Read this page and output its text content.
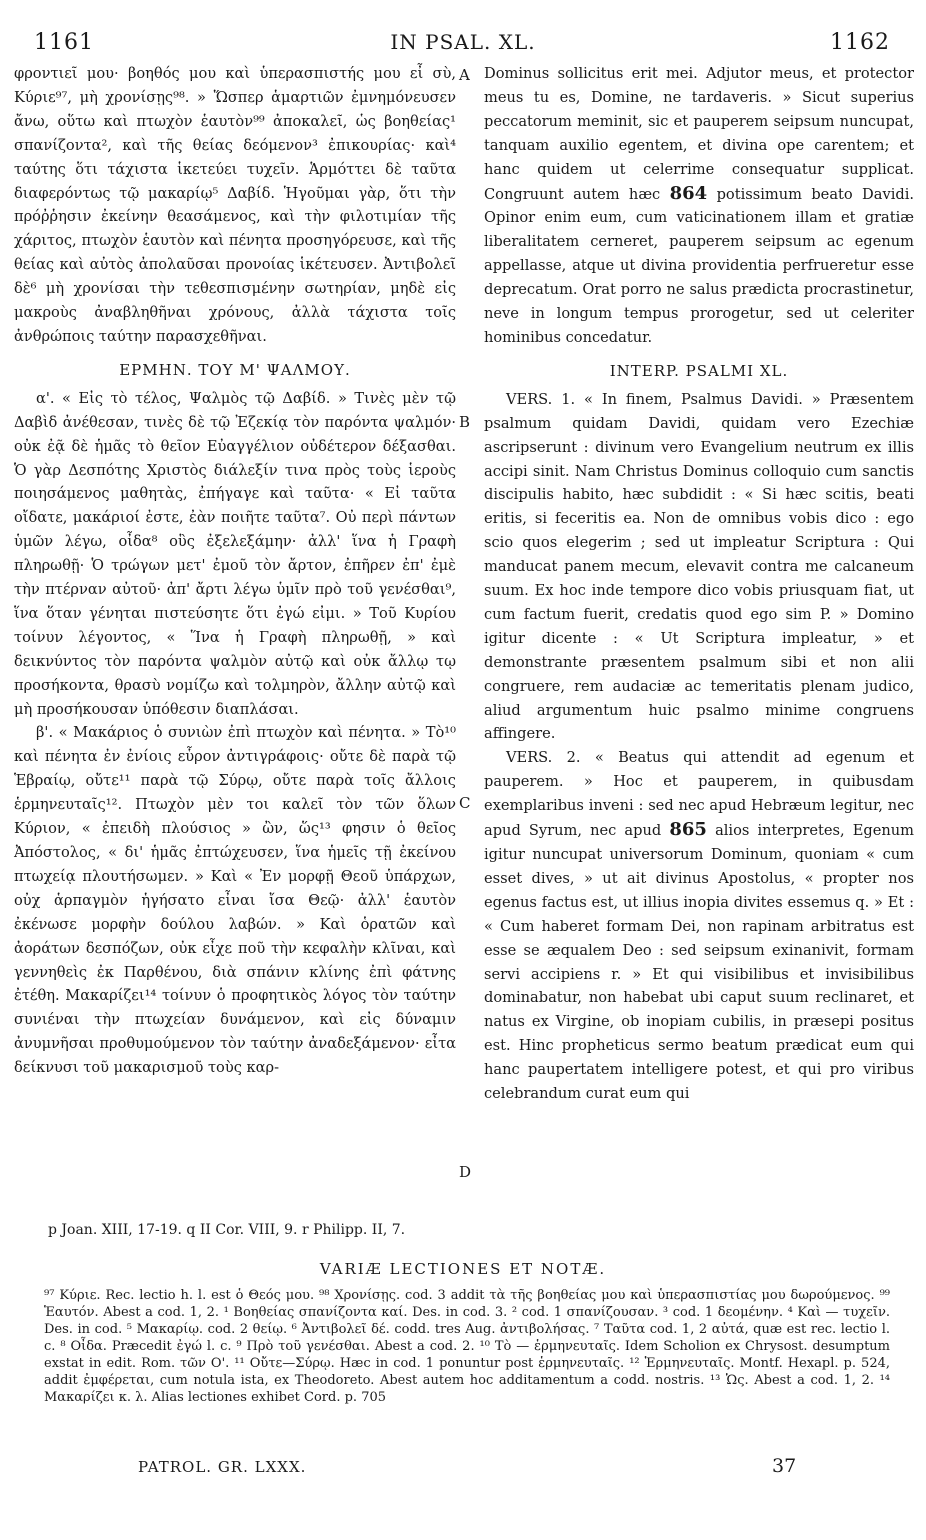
1161	IN PSAL. XL.	1162

φροντιεῖ μου· βοηθός μου καὶ ὑπερασπιστής μου εἶ σὺ, Κύριε⁹⁷, μὴ χρονίσῃς⁹⁸. » Ὥσπερ ἁμαρτιῶν ἐμνημόνευσεν ἄνω, οὕτω καὶ πτωχὸν ἑαυτὸν⁹⁹ ἀποκαλεῖ, ὡς βοηθείας¹ σπανίζοντα², καὶ τῆς θείας δεόμενον³ ἐπικουρίας· καὶ⁴ ταύτης ὅτι τάχιστα ἱκετεύει τυχεῖν. Ἁρμόττει δὲ ταῦτα διαφερόντως τῷ μακαρίῳ⁵ Δαβίδ. Ἡγοῦμαι γὰρ, ὅτι τὴν πρόῤῥησιν ἐκείνην θεασάμενος, καὶ τὴν φιλοτιμίαν τῆς χάριτος, πτωχὸν ἑαυτὸν καὶ πένητα προσηγόρευσε, καὶ τῆς θείας καὶ αὐτὸς ἀπολαῦσαι προνοίας ἱκέτευσεν. Ἀντιβολεῖ δὲ⁶ μὴ χρονίσαι τὴν τεθεσπισμένην σωτηρίαν, μηδὲ εἰς μακροὺς ἀναβληθῆναι χρόνους, ἀλλὰ τάχιστα τοῖς ἀνθρώποις ταύτην παρασχεθῆναι.

ΕΡΜΗΝ. ΤΟΥ Μ' ΨΑΛΜΟΥ.

α'. « Εἰς τὸ τέλος, Ψαλμὸς τῷ Δαβίδ. » Τινὲς μὲν τῷ Δαβὶδ ἀνέθεσαν, τινὲς δὲ τῷ Ἐζεκίᾳ τὸν παρόντα ψαλμόν· οὐκ ἐᾷ δὲ ἡμᾶς τὸ θεῖον Εὐαγγέλιον οὐδέτερον δέξασθαι. Ὁ γὰρ Δεσπότης Χριστὸς διάλεξίν τινα πρὸς τοὺς ἱεροὺς ποιησάμενος μαθητὰς, ἐπήγαγε καὶ ταῦτα· « Εἰ ταῦτα οἴδατε, μακάριοί ἐστε, ἐὰν ποιῆτε ταῦτα⁷. Οὐ περὶ πάντων ὑμῶν λέγω, οἶδα⁸ οὓς ἐξελεξάμην· ἀλλ' ἵνα ἡ Γραφὴ πληρωθῇ· Ὁ τρώγων μετ' ἐμοῦ τὸν ἄρτον, ἐπῆρεν ἐπ' ἐμὲ τὴν πτέρναν αὐτοῦ· ἀπ' ἄρτι λέγω ὑμῖν πρὸ τοῦ γενέσθαι⁹, ἵνα ὅταν γένηται πιστεύσητε ὅτι ἐγώ εἰμι. » Τοῦ Κυρίου τοίνυν λέγοντος, « Ἵνα ἡ Γραφὴ πληρωθῇ, » καὶ δεικνύντος τὸν παρόντα ψαλμὸν αὐτῷ καὶ οὐκ ἄλλῳ τῳ προσήκοντα, θρασὺ νομίζω καὶ τολμηρὸν, ἄλλην αὐτῷ καὶ μὴ προσήκουσαν ὑπόθεσιν διαπλάσαι.

β'. « Μακάριος ὁ συνιὼν ἐπὶ πτωχὸν καὶ πένητα. » Τὸ¹⁰ καὶ πένητα ἐν ἐνίοις εὗρον ἀντιγράφοις· οὔτε δὲ παρὰ τῷ Ἑβραίῳ, οὔτε¹¹ παρὰ τῷ Σύρῳ, οὔτε παρὰ τοῖς ἄλλοις ἑρμηνευταῖς¹². Πτωχὸν μὲν τοι καλεῖ τὸν τῶν ὅλων Κύριον, « ἐπειδὴ πλούσιος » ὢν, ὥς¹³ φησιν ὁ θεῖος Ἀπόστολος, « δι' ἡμᾶς ἐπτώχευσεν, ἵνα ἡμεῖς τῇ ἐκείνου πτωχείᾳ πλουτήσωμεν. » Καὶ « Ἐν μορφῇ Θεοῦ ὑπάρχων, οὐχ ἁρπαγμὸν ἡγήσατο εἶναι ἴσα Θεῷ· ἀλλ' ἑαυτὸν ἐκένωσε μορφὴν δούλου λαβών. » Καὶ ὁρατῶν καὶ ἀοράτων δεσπόζων, οὐκ εἶχε ποῦ τὴν κεφαλὴν κλῖναι, καὶ γεννηθεὶς ἐκ Παρθένου, διὰ σπάνιν κλίνης ἐπὶ φάτνης ἐτέθη. Μακαρίζει¹⁴ τοίνυν ὁ προφητικὸς λόγος τὸν ταύτην συνιέναι τὴν πτωχείαν δυνάμενον, καὶ εἰς δύναμιν ἀνυμνῆσαι προθυμούμενον τὸν ταύτην ἀναδεξάμενον· εἶτα δείκνυσι τοῦ μακαρισμοῦ τοὺς καρ-

A
B
C
D

Dominus sollicitus erit mei. Adjutor meus, et protector meus tu es, Domine, ne tardaveris. » Sicut superius peccatorum meminit, sic et pauperem seipsum nuncupat, tanquam auxilio egentem, et divina ope carentem; et hanc quidem ut celerrime consequatur supplicat. Congruunt autem hæc 864 potissimum beato Davidi. Opinor enim eum, cum vaticinationem illam et gratiæ liberalitatem cerneret, pauperem seipsum ac egenum appellasse, atque ut divina providentia perfrueretur esse deprecatum. Orat porro ne salus prædicta procrastinetur, neve in longum tempus prorogetur, sed ut celeriter hominibus concedatur.

INTERP. PSALMI XL.

VERS. 1. « In finem, Psalmus Davidi. » Præsentem psalmum quidam Davidi, quidam vero Ezechiæ ascripserunt : divinum vero Evangelium neutrum ex illis accipi sinit. Nam Christus Dominus colloquio cum sanctis discipulis habito, hæc subdidit : « Si hæc scitis, beati eritis, si feceritis ea. Non de omnibus vobis dico : ego scio quos elegerim ; sed ut impleatur Scriptura : Qui manducat panem mecum, elevavit contra me calcaneum suum. Ex hoc inde tempore dico vobis priusquam fiat, ut cum factum fuerit, credatis quod ego sim P. » Domino igitur dicente : « Ut Scriptura impleatur, » et demonstrante præsentem psalmum sibi et non alii congruere, rem audaciæ ac temeritatis plenam judico, aliud argumentum huic psalmo minime congruens affingere.

VERS. 2. « Beatus qui attendit ad egenum et pauperem. » Hoc et pauperem, in quibusdam exemplaribus inveni : sed nec apud Hebræum legitur, nec apud Syrum, nec apud 865 alios interpretes, Egenum igitur nuncupat universorum Dominum, quoniam « cum esset dives, » ut ait divinus Apostolus, « propter nos egenus factus est, ut illius inopia divites essemus q. » Et : « Cum haberet formam Dei, non rapinam arbitratus est esse se æqualem Deo : sed seipsum exinanivit, formam servi accipiens r. » Et qui visibilibus et invisibilibus dominabatur, non habebat ubi caput suum reclinaret, et natus ex Virgine, ob inopiam cubilis, in præsepi positus est. Hinc propheticus sermo beatum prædicat eum qui hanc paupertatem intelligere potest, et qui pro viribus celebrandum curat eum qui

p Joan. XIII, 17-19. q II Cor. VIII, 9. r Philipp. II, 7.
VARIÆ LECTIONES ET NOTÆ.

⁹⁷ Κύριε. Rec. lectio h. l. est ὁ Θεός μου. ⁹⁸ Χρονίσῃς. cod. 3 addit τὰ τῆς βοηθείας μου καὶ ὑπερασπιστίας μου δωρούμενος. ⁹⁹ Ἑαυτόν. Abest a cod. 1, 2. ¹ Βοηθείας σπανίζοντα καί. Des. in cod. 3. ² cod. 1 σπανίζουσαν. ³ cod. 1 δεομένην. ⁴ Καὶ — τυχεῖν. Des. in cod. ⁵ Μακαρίῳ. cod. 2 θείῳ. ⁶ Ἀντιβολεῖ δέ. codd. tres Aug. ἀντιβολήσας. ⁷ Ταῦτα cod. 1, 2 αὐτά, quæ est rec. lectio l. c. ⁸ Οἶδα. Præcedit ἐγώ l. c. ⁹ Πρὸ τοῦ γενέσθαι. Abest a cod. 2. ¹⁰ Τὸ — ἑρμηνευταῖς. Idem Scholion ex Chrysost. desumptum exstat in edit. Rom. τῶν Ο'. ¹¹ Οὔτε—Σύρῳ. Hæc in cod. 1 ponuntur post ἑρμηνευταῖς. ¹² Ἑρμηνευταῖς. Montf. Hexapl. p. 524, addit ἐμφέρεται, cum notula ista, ex Theodoreto. Abest autem hoc additamentum a codd. nostris. ¹³ Ὡς. Abest a cod. 1, 2. ¹⁴ Μακαρίζει κ. λ. Alias lectiones exhibet Cord. p. 705

PATROL. GR. LXXX.	37
